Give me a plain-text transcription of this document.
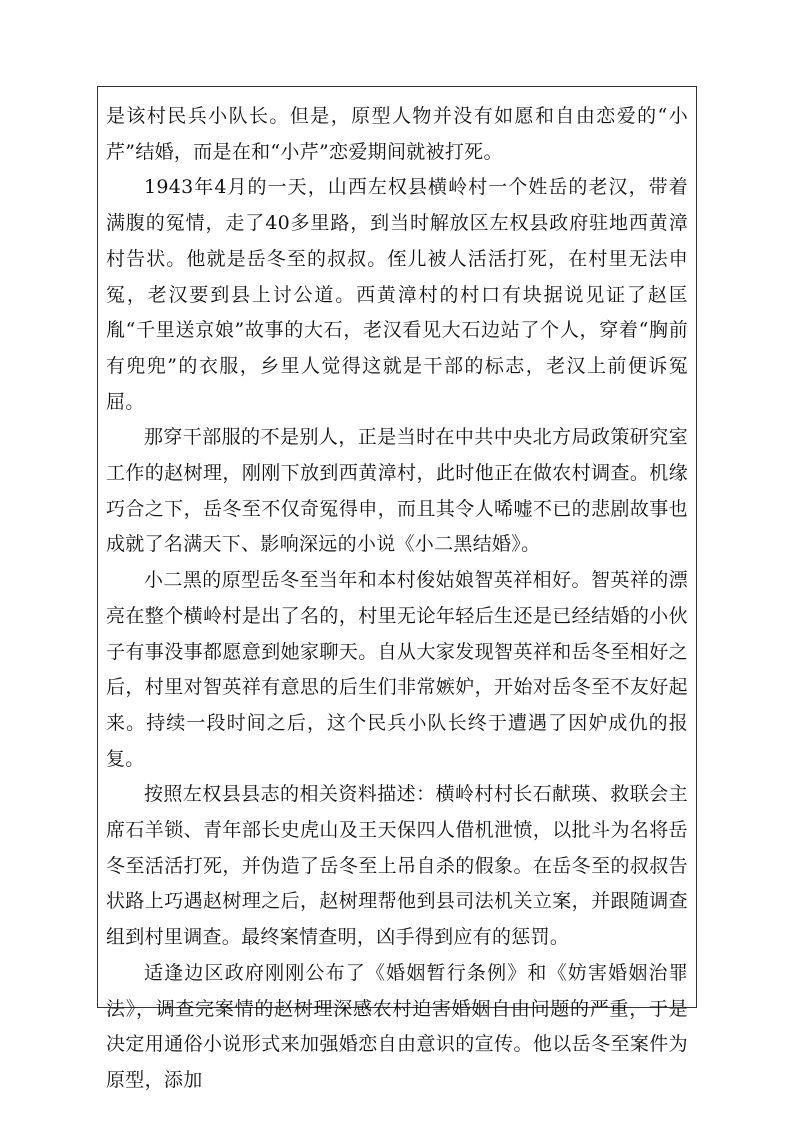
是该村民兵小队长。但是，原型人物并没有如愿和自由恋爱的“小芹”结婚，而是在和“小芹”恋爱期间就被打死。

1943年4月的一天，山西左权县横岭村一个姓岳的老汉，带着满腹的冤情，走了40多里路，到当时解放区左权县政府驻地西黄漳村告状。他就是岳冬至的叔叔。侄儿被人活活打死，在村里无法申冤，老汉要到县上讨公道。西黄漳村的村口有块据说见证了赵匡胤“千里送京娘”故事的大石，老汉看见大石边站了个人，穿着“胸前有兜兜”的衣服，乡里人觉得这就是干部的标志，老汉上前便诉冤屈。

那穿干部服的不是别人，正是当时在中共中央北方局政策研究室工作的赵树理，刚刚下放到西黄漳村，此时他正在做农村调查。机缘巧合之下，岳冬至不仅奇冤得申，而且其令人唏嘘不已的悲剧故事也成就了名满天下、影响深远的小说《小二黑结婚》。

小二黑的原型岳冬至当年和本村俊姑娘智英祥相好。智英祥的漂亮在整个横岭村是出了名的，村里无论年轻后生还是已经结婚的小伙子有事没事都愿意到她家聊天。自从大家发现智英祥和岳冬至相好之后，村里对智英祥有意思的后生们非常嫉妒，开始对岳冬至不友好起来。持续一段时间之后，这个民兵小队长终于遭遇了因妒成仇的报复。

按照左权县县志的相关资料描述：横岭村村长石献瑛、救联会主席石羊锁、青年部长史虎山及王天保四人借机泄愤，以批斗为名将岳冬至活活打死，并伪造了岳冬至上吊自杀的假象。在岳冬至的叔叔告状路上巧遇赵树理之后，赵树理帮他到县司法机关立案，并跟随调查组到村里调查。最终案情查明，凶手得到应有的惩罚。

适逢边区政府刚刚公布了《婚姻暂行条例》和《妨害婚姻治罪法》，调查完案情的赵树理深感农村迫害婚姻自由问题的严重，于是决定用通俗小说形式来加强婚恋自由意识的宣传。他以岳冬至案件为原型，添加
